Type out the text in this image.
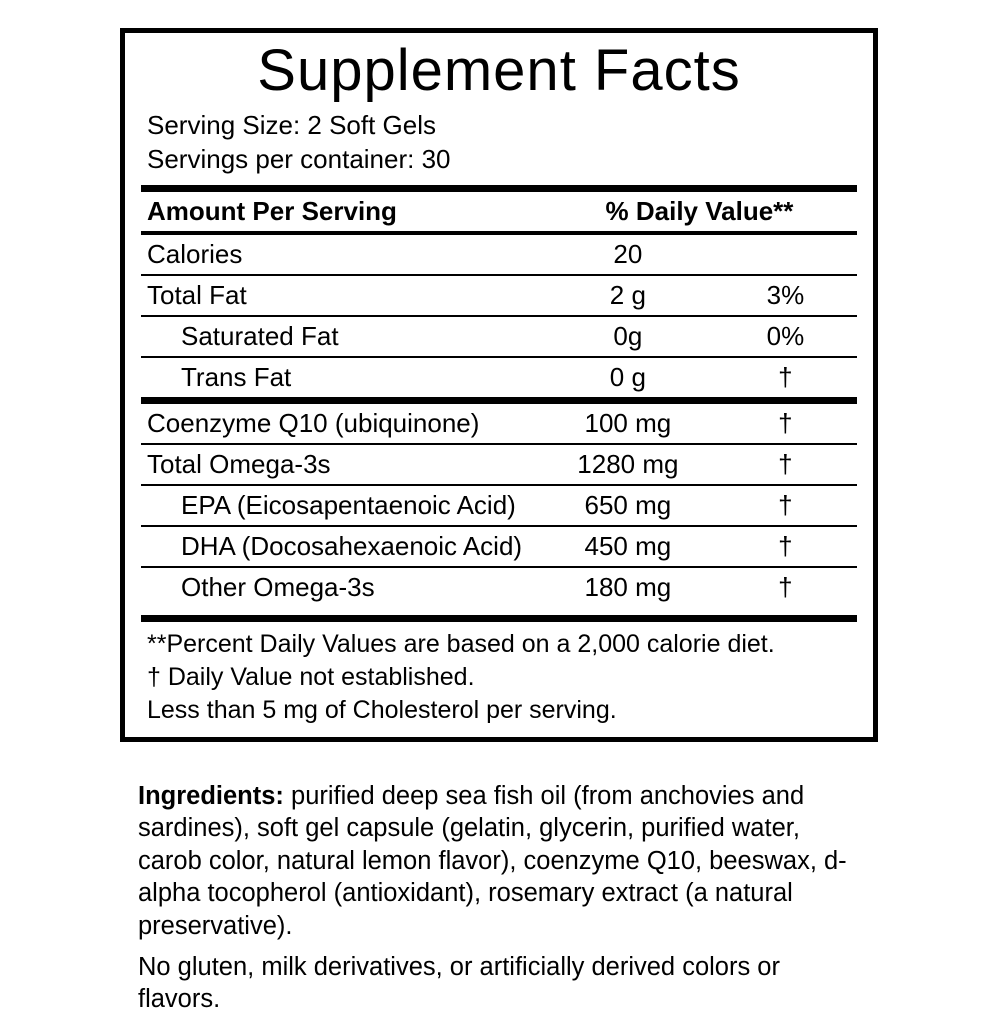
Supplement Facts
Serving Size: 2 Soft Gels
Servings per container: 30
Amount Per Serving	% Daily Value**	
Calories	20	
Total Fat	2 g	3%
Saturated Fat	0g	0%
Trans Fat	0 g	†
Coenzyme Q10 (ubiquinone)	100 mg	†
Total Omega-3s	1280 mg	†
EPA (Eicosapentaenoic Acid)	650 mg	†
DHA (Docosahexaenoic Acid)	450 mg	†
Other Omega-3s	180 mg	†
**Percent Daily Values are based on a 2,000 calorie diet.
† Daily Value not established.
Less than 5 mg of Cholesterol per serving.

Ingredients: purified deep sea fish oil (from anchovies and sardines), soft gel capsule (gelatin, glycerin, purified water, carob color, natural lemon flavor), coenzyme Q10, beeswax, d-alpha tocopherol (antioxidant), rosemary extract (a natural preservative).

No gluten, milk derivatives, or artificially derived colors or flavors.
